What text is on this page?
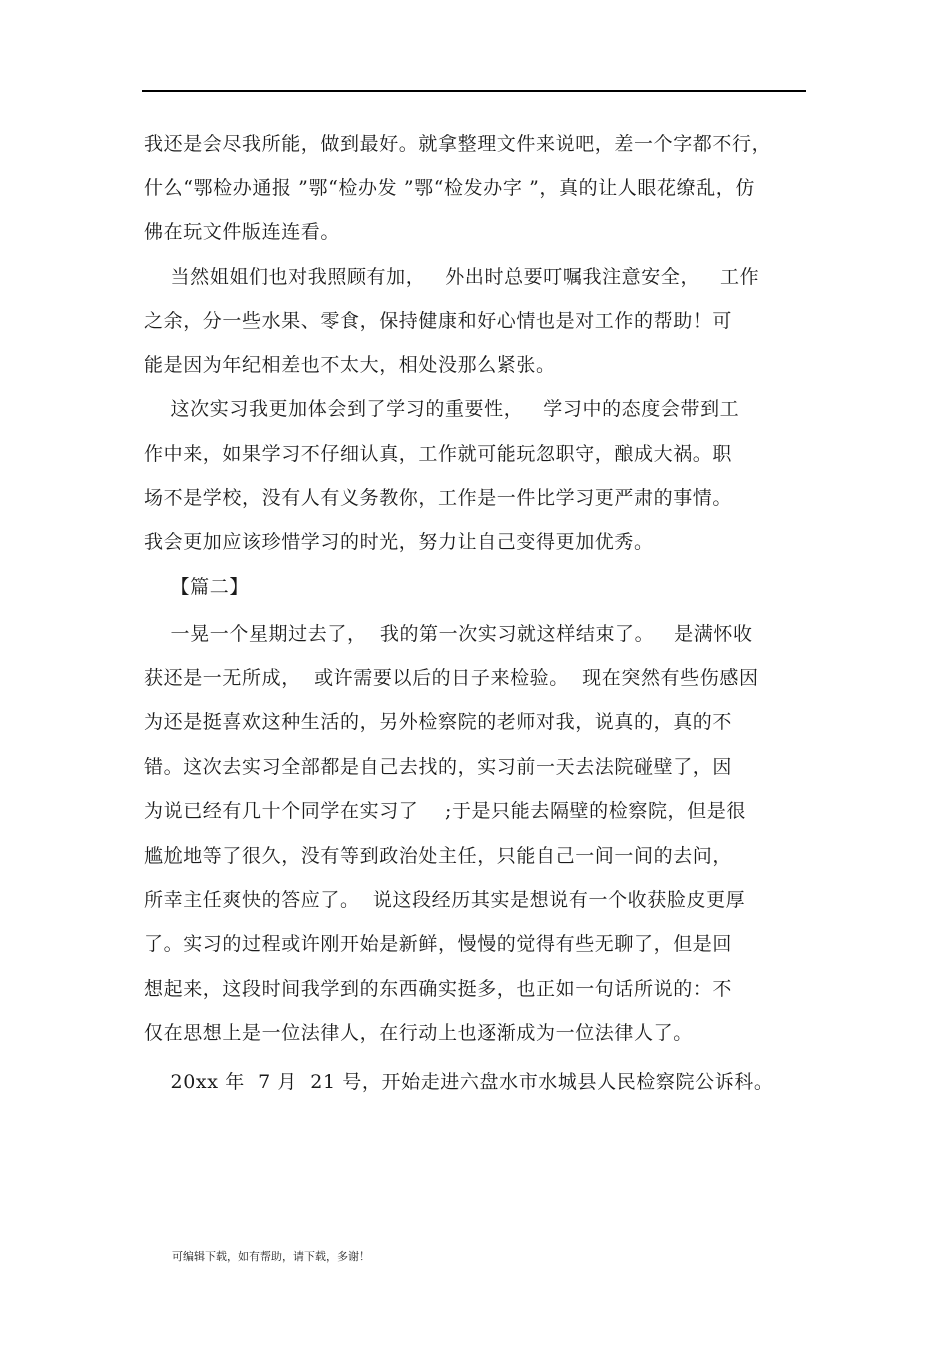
我还是会尽我所能，做到最好。就拿整理文件来说吧，差一个字都不行，
什么“鄂检办通报 ”鄂“检办发 ”鄂“检发办字 ”，真的让人眼花缭乱，仿
佛在玩文件版连连看。
当然姐姐们也对我照顾有加，   外出时总要叮嘱我注意安全，   工作
之余，分一些水果、零食，保持健康和好心情也是对工作的帮助！可
能是因为年纪相差也不太大，相处没那么紧张。
这次实习我更加体会到了学习的重要性，   学习中的态度会带到工
作中来，如果学习不仔细认真，工作就可能玩忽职守，酿成大祸。职
场不是学校，没有人有义务教你，工作是一件比学习更严肃的事情。
我会更加应该珍惜学习的时光，努力让自己变得更加优秀。
【篇二】
一晃一个星期过去了，  我的第一次实习就这样结束了。   是满怀收
获还是一无所成，  或许需要以后的日子来检验。  现在突然有些伤感因
为还是挺喜欢这种生活的，另外检察院的老师对我，说真的，真的不
错。这次去实习全部都是自己去找的，实习前一天去法院碰壁了，因
为说已经有几十个同学在实习了    ;于是只能去隔壁的检察院，但是很
尴尬地等了很久，没有等到政治处主任，只能自己一间一间的去问，
所幸主任爽快的答应了。  说这段经历其实是想说有一个收获脸皮更厚
了。实习的过程或许刚开始是新鲜，慢慢的觉得有些无聊了，但是回
想起来，这段时间我学到的东西确实挺多，也正如一句话所说的：不
仅在思想上是一位法律人，在行动上也逐渐成为一位法律人了。
20xx 年  7 月  21 号，开始走进六盘水市水城县人民检察院公诉科。
可编辑下载，如有帮助，请下载，多谢！
